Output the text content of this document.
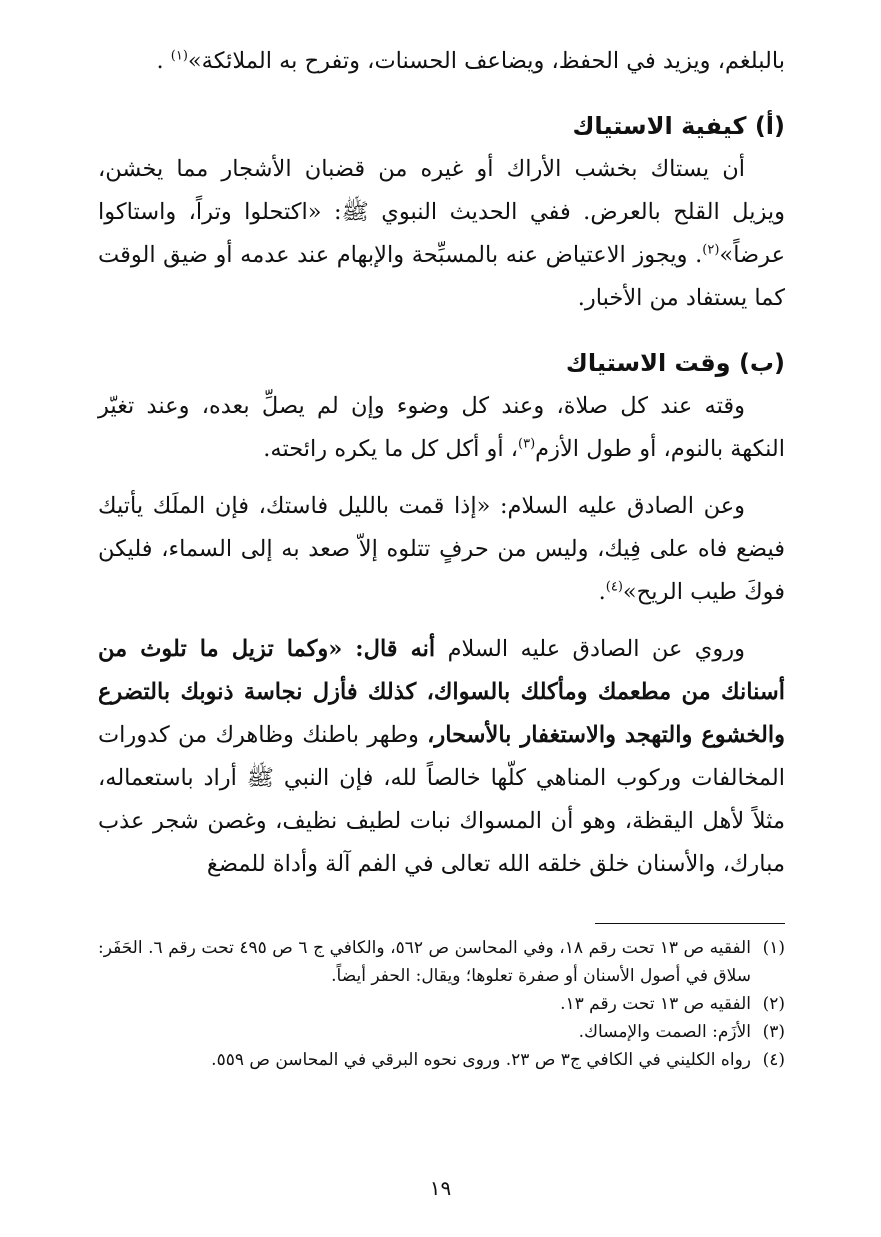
بالبلغم، ويزيد في الحفظ، ويضاعف الحسنات، وتفرح به الملائكة»$^{(١)}$ .

(أ) كيفية الاستياك

أن يستاك بخشب الأراك أو غيره من قضبان الأشجار مما يخشن، ويزيل القلح بالعرض. ففي الحديث النبوي ﷺ: «اكتحلوا وتراً، واستاكوا عرضاً»$^{(٢)}$. ويجوز الاعتياض عنه بالمسبِّحة والإبهام عند عدمه أو ضيق الوقت كما يستفاد من الأخبار.

(ب) وقت الاستياك

وقته عند كل صلاة، وعند كل وضوء وإن لم يصلِّ بعده، وعند تغيّر النكهة بالنوم، أو طول الأزم$^{(٣)}$، أو أكل كل ما يكره رائحته.

وعن الصادق عليه السلام: «إذا قمت بالليل فاستك، فإن الملَك يأتيك فيضع فاه على فِيك، وليس من حرفٍ تتلوه إلاّ صعد به إلى السماء، فليكن فوكَ طيب الريح»$^{(٤)}$.

وروي عن الصادق عليه السلام أنه قال: «وكما تزيل ما تلوث من أسنانك من مطعمك ومأكلك بالسواك، كذلك فأزل نجاسة ذنوبك بالتضرع والخشوع والتهجد والاستغفار بالأسحار، وطهر باطنك وظاهرك من كدورات المخالفات وركوب المناهي كلّها خالصاً لله، فإن النبي ﷺ أراد باستعماله، مثلاً لأهل اليقظة، وهو أن المسواك نبات لطيف نظيف، وغصن شجر عذب مبارك، والأسنان خلق خلقه الله تعالى في الفم آلة وأداة للمضغ

(١)
الفقيه ص ١٣ تحت رقم ١٨، وفي المحاسن ص ٥٦٢، والكافي ج ٦ ص ٤٩٥ تحت رقم ٦. الحَفَر: سلاق في أصول الأسنان أو صفرة تعلوها؛ ويقال: الحفر أيضاً.
(٢)
الفقيه ص ١٣ تحت رقم ١٣.
(٣)
الأزَم: الصمت والإمساك.
(٤)
رواه الكليني في الكافي ج٣ ص ٢٣. وروى نحوه البرقي في المحاسن ص ٥٥٩.
١٩
